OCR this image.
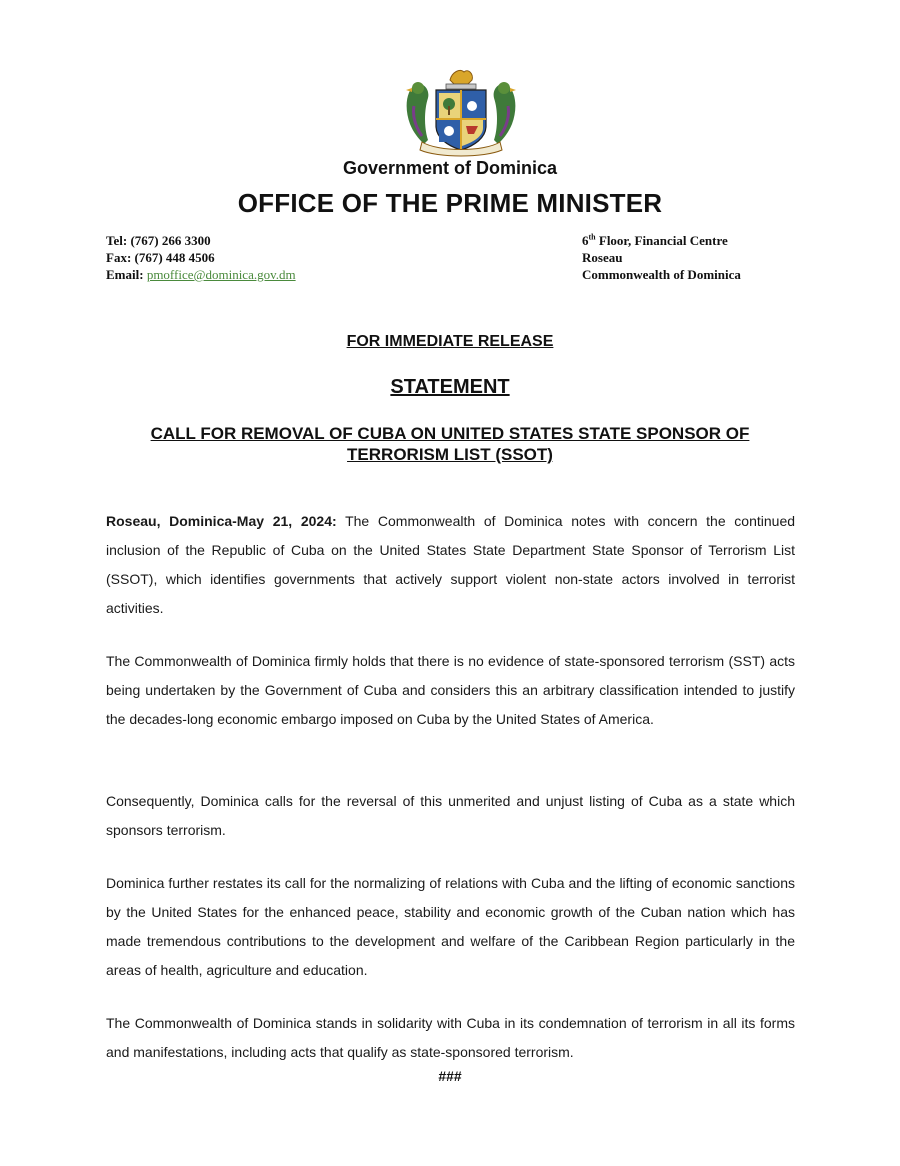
Government of Dominica
OFFICE OF THE PRIME MINISTER
Tel: (767) 266 3300
Fax: (767) 448 4506
Email: pmoffice@dominica.gov.dm
6th Floor, Financial Centre
Roseau
Commonwealth of Dominica
FOR IMMEDIATE RELEASE
STATEMENT
CALL FOR REMOVAL OF CUBA ON UNITED STATES STATE SPONSOR OF
TERRORISM LIST (SSOT)

Roseau, Dominica-May 21, 2024: The Commonwealth of Dominica notes with concern the continued inclusion of the Republic of Cuba on the United States State Department State Sponsor of Terrorism List (SSOT), which identifies governments that actively support violent non-state actors involved in terrorist activities.

The Commonwealth of Dominica firmly holds that there is no evidence of state-sponsored terrorism (SST) acts being undertaken by the Government of Cuba and considers this an arbitrary classification intended to justify the decades-long economic embargo imposed on Cuba by the United States of America.

Consequently, Dominica calls for the reversal of this unmerited and unjust listing of Cuba as a state which sponsors terrorism.

Dominica further restates its call for the normalizing of relations with Cuba and the lifting of economic sanctions by the United States for the enhanced peace, stability and economic growth of the Cuban nation which has made tremendous contributions to the development and welfare of the Caribbean Region particularly in the areas of health, agriculture and education.

The Commonwealth of Dominica stands in solidarity with Cuba in its condemnation of terrorism in all its forms and manifestations, including acts that qualify as state-sponsored terrorism.

###
